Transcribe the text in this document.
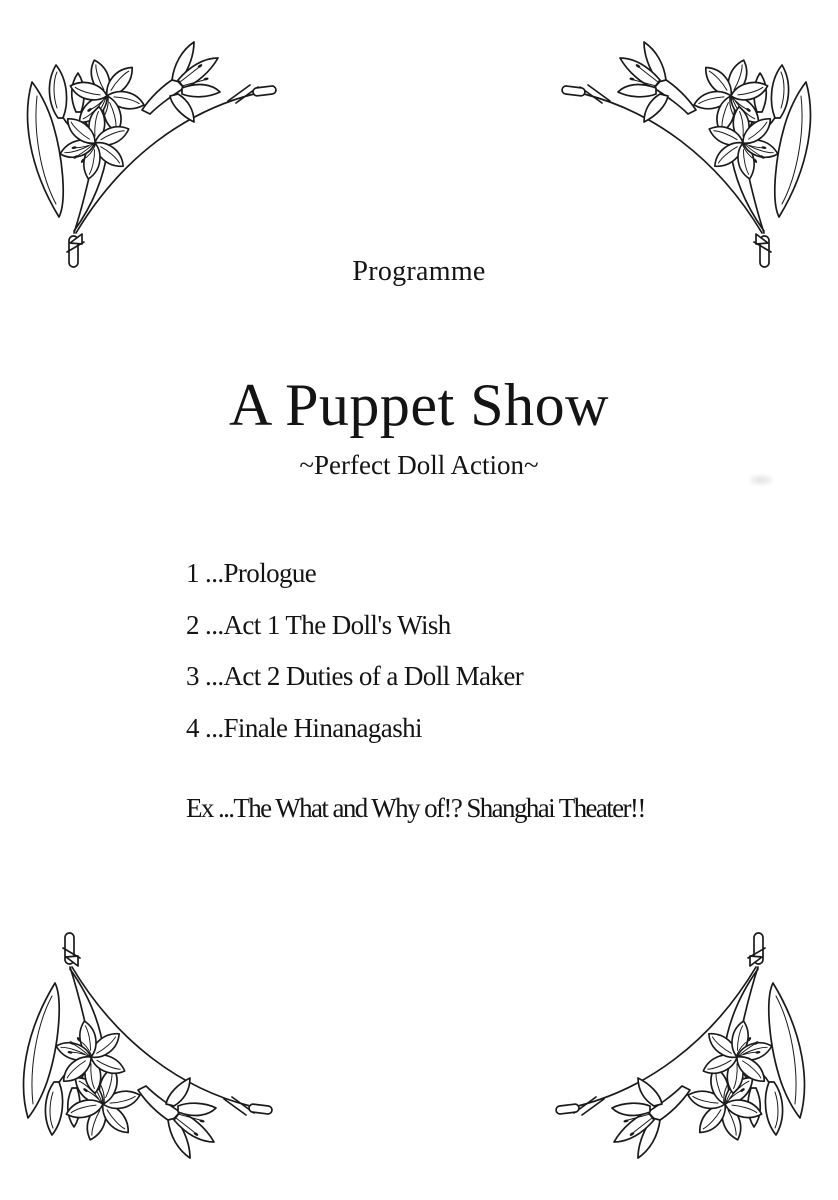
Programme
A Puppet Show
~Perfect Doll Action~
1 ...Prologue
2 ...Act 1 The Doll's Wish
3 ...Act 2 Duties of a Doll Maker
4 ...Finale Hinanagashi
Ex ...The What and Why of!? Shanghai Theater!!
